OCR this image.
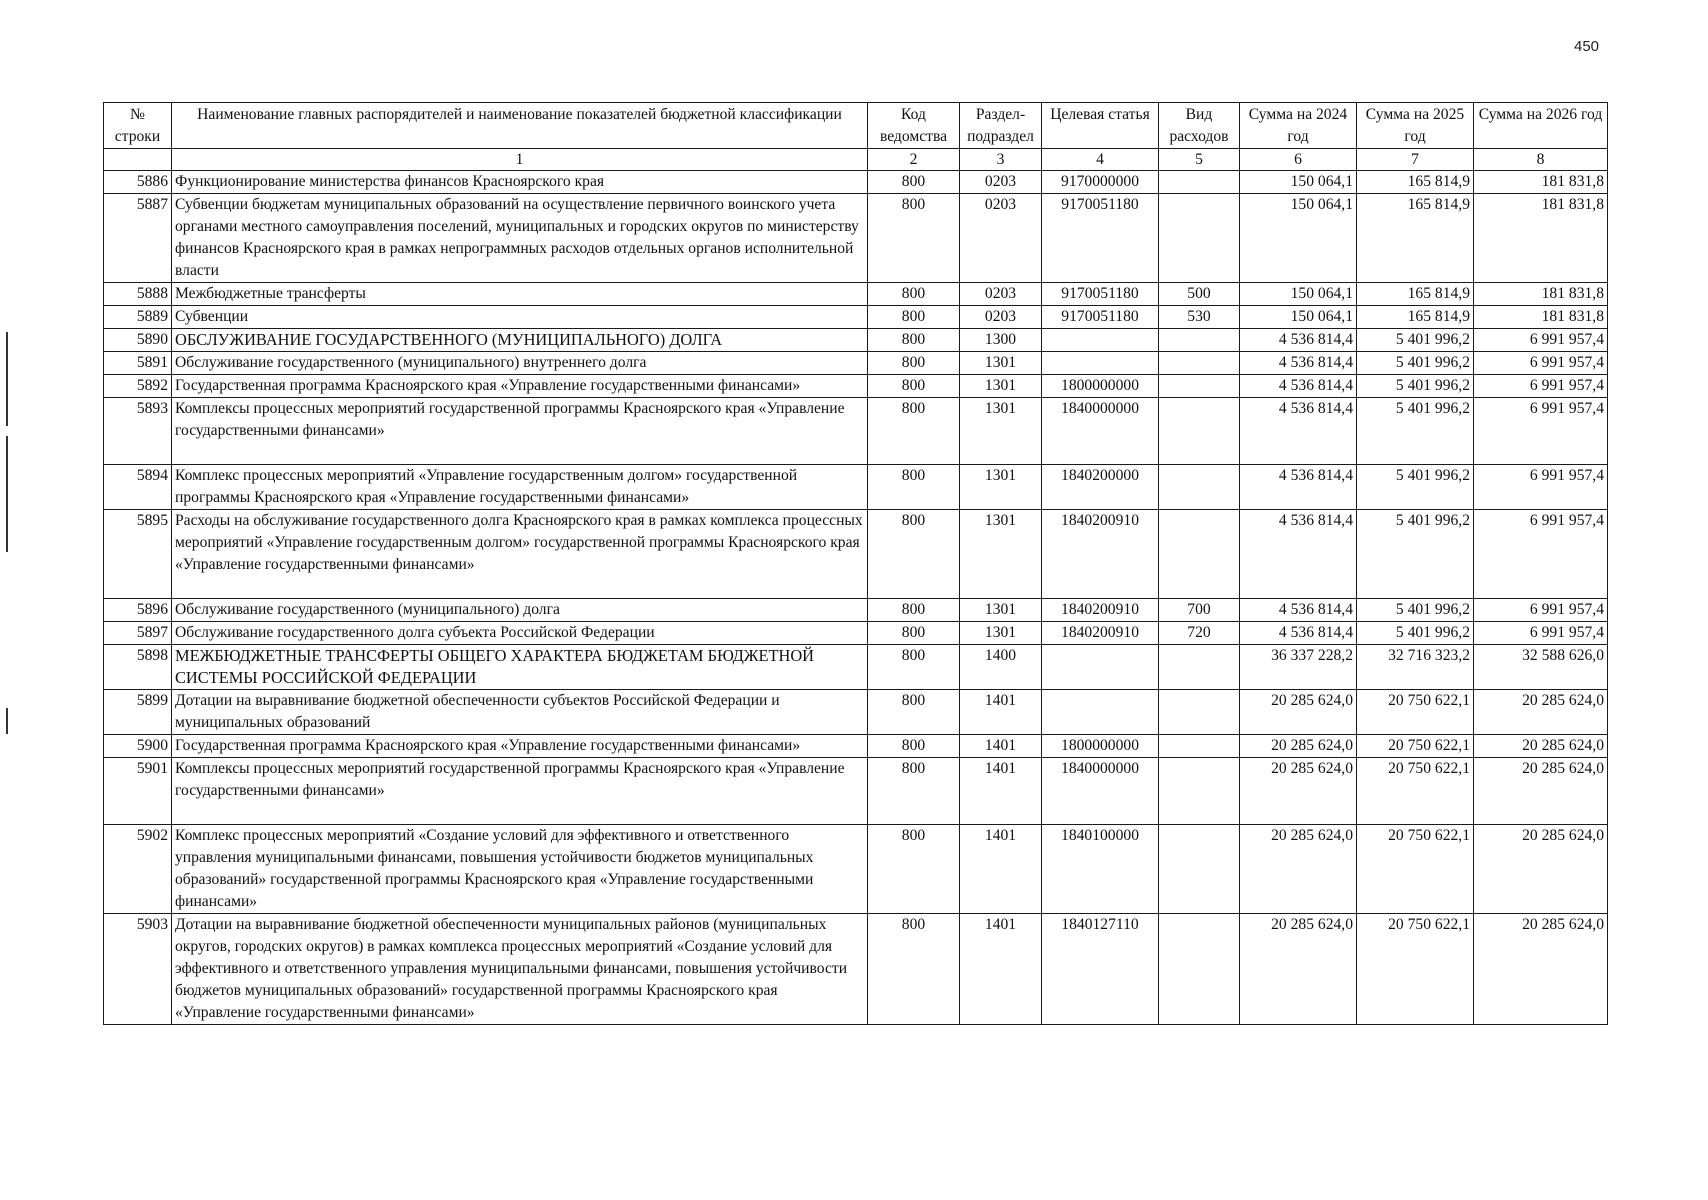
450
№ строки	Наименование главных распорядителей и наименование показателей бюджетной классификации	Код ведомства	Раздел-подраздел	Целевая статья	Вид расходов	Сумма на 2024 год	Сумма на 2025 год	Сумма на 2026 год
	1	2	3	4	5	6	7	8
5886	Функционирование министерства финансов Красноярского края	800	0203	9170000000		150 064,1	165 814,9	181 831,8
5887	Субвенции бюджетам муниципальных образований на осуществление первичного воинского учета органами местного самоуправления поселений, муниципальных и городских округов по министерству финансов Красноярского края в рамках непрограммных расходов отдельных органов исполнительной власти	800	0203	9170051180		150 064,1	165 814,9	181 831,8
5888	Межбюджетные трансферты	800	0203	9170051180	500	150 064,1	165 814,9	181 831,8
5889	Субвенции	800	0203	9170051180	530	150 064,1	165 814,9	181 831,8
5890	ОБСЛУЖИВАНИЕ ГОСУДАРСТВЕННОГО (МУНИЦИПАЛЬНОГО) ДОЛГА	800	1300			4 536 814,4	5 401 996,2	6 991 957,4
5891	Обслуживание государственного (муниципального) внутреннего долга	800	1301			4 536 814,4	5 401 996,2	6 991 957,4
5892	Государственная программа Красноярского края «Управление государственными финансами»	800	1301	1800000000		4 536 814,4	5 401 996,2	6 991 957,4
5893	Комплексы процессных мероприятий государственной программы Красноярского края «Управление государственными финансами»	800	1301	1840000000		4 536 814,4	5 401 996,2	6 991 957,4
5894	Комплекс процессных мероприятий «Управление государственным долгом» государственной программы Красноярского края «Управление государственными финансами»	800	1301	1840200000		4 536 814,4	5 401 996,2	6 991 957,4
5895	Расходы на обслуживание государственного долга Красноярского края в рамках комплекса процессных мероприятий «Управление государственным долгом» государственной программы Красноярского края «Управление государственными финансами»	800	1301	1840200910		4 536 814,4	5 401 996,2	6 991 957,4
5896	Обслуживание государственного (муниципального) долга	800	1301	1840200910	700	4 536 814,4	5 401 996,2	6 991 957,4
5897	Обслуживание государственного долга субъекта Российской Федерации	800	1301	1840200910	720	4 536 814,4	5 401 996,2	6 991 957,4
5898	МЕЖБЮДЖЕТНЫЕ ТРАНСФЕРТЫ ОБЩЕГО ХАРАКТЕРА БЮДЖЕТАМ БЮДЖЕТНОЙ СИСТЕМЫ РОССИЙСКОЙ ФЕДЕРАЦИИ	800	1400			36 337 228,2	32 716 323,2	32 588 626,0
5899	Дотации на выравнивание бюджетной обеспеченности субъектов Российской Федерации и муниципальных образований	800	1401			20 285 624,0	20 750 622,1	20 285 624,0
5900	Государственная программа Красноярского края «Управление государственными финансами»	800	1401	1800000000		20 285 624,0	20 750 622,1	20 285 624,0
5901	Комплексы процессных мероприятий государственной программы Красноярского края «Управление государственными финансами»	800	1401	1840000000		20 285 624,0	20 750 622,1	20 285 624,0
5902	Комплекс процессных мероприятий «Создание условий для эффективного и ответственного управления муниципальными финансами, повышения устойчивости бюджетов муниципальных образований» государственной программы Красноярского края «Управление государственными финансами»	800	1401	1840100000		20 285 624,0	20 750 622,1	20 285 624,0
5903	Дотации на выравнивание бюджетной обеспеченности муниципальных районов (муниципальных округов, городских округов) в рамках комплекса процессных мероприятий «Создание условий для эффективного и ответственного управления муниципальными финансами, повышения устойчивости бюджетов муниципальных образований» государственной программы Красноярского края «Управление государственными финансами»	800	1401	1840127110		20 285 624,0	20 750 622,1	20 285 624,0
